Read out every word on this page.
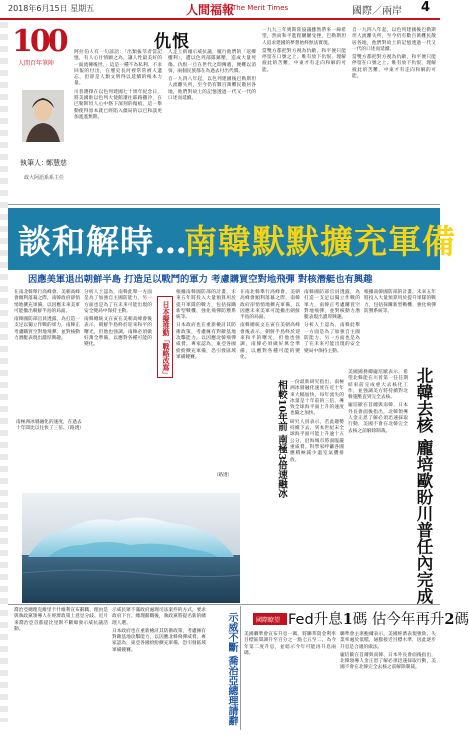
2018年6月15日 星期五	人間福報
The Merit Times	國際／兩岸 4
100
人間百年筆陣
仇恨
執筆人：
鄭慧慈
政大阿語系系主任

阿拉伯人有一句諺語：「出類拔萃者當記憶，有人心甘情願之為，讓人性最美好的一面流傳後世。」這是一種不為私利、不求回報的付出，在歷史長河裡常常被人遺忘，但卻是人類文明得以延續的根本力量。

川普選擇在以色列建國七十周年紀念日，將美國駐以色列大使館遷往耶路撒冷，在巴勒斯坦人心中烙下深刻的傷痕。這一舉動使得原本就已經陷入僵局的以巴和談更加遙遙無期。

人走上街頭示威抗議，履行他們的「返鄉權利」，遭以色列部隊鎮壓，造成大量死傷。仇恨一旦在世代之間傳遞，便難以消弭，兩個民族都在為過去付出代價。

自一九四八年起，以色列建國後巴勒斯坦人流離失所，至今仍有數百萬難民散居各地，他們對故土的記憶透過一代又一代的口述而延續。

一九九三年奧斯陸協議雖然帶來一線希望，然而和平進程屢屢受挫，巴勒斯坦人追求建國的夢想始終無法實現。

當雙方都把對方視為仇敵，和平便只能停留在口號之上。唯有放下仇恨，理解彼此的苦難，中東才有走向和解的可能。

自一九四八年起，以色列建國後巴勒斯坦人流離失所，至今仍有數百萬難民散居各地，他們對故土的記憶透過一代又一代的口述而延續。

當雙方都把對方視為仇敵，和平便只能停留在口號之上。唯有放下仇恨，理解彼此的苦難，中東才有走向和解的可能。

談和解時…
南韓默默擴充軍備
因應美軍退出朝鮮半島 打造足以戰鬥的軍力 考慮購買空對地飛彈 對核潛艇也有興趣

在南北韓舉行高峰會、美朝高峰會順利落幕之際，南韓政府卻悄悄地擴充軍備，以因應未來美軍可能撤出朝鮮半島的局面。

南韓國防部官員透露，為打造一支足以獨立作戰的軍力，南韓正考慮購買空對地飛彈，並對核動力潛艇表現出濃厚興趣。

分析人士認為，南韓此舉一方面是為了加強自主國防能力，另一方面也是為了在未來可能出現的安全變局中保持主動。

南韓總統文在寅在美朝高峰會後表示，朝鮮半島終於迎來和平的曙光，但他也強調，南韓必須做好萬全準備，以應對各種可能的變化。	日本擬推動「戰略改寫」

根據南韓國防部的計畫，未來五年將投入大量預算用於提升軍隊的戰力，包括採購新型戰機、強化飛彈防禦系統等。

日本政府也在重新檢討其防衛政策，考慮擁有對敵基地攻擊能力，以因應北韓飛彈威脅。專家認為，東亞各國紛紛擴充軍備，恐引發區域軍備競賽。

在南北韓舉行高峰會、美朝高峰會順利落幕之際，南韓政府卻悄悄地擴充軍備，以因應未來美軍可能撤出朝鮮半島的局面。

南韓總統文在寅在美朝高峰會後表示，朝鮮半島終於迎來和平的曙光，但他也強調，南韓必須做好萬全準備，以應對各種可能的變化。

南韓國防部官員透露，為打造一支足以獨立作戰的軍力，南韓正考慮購買空對地飛彈，並對核動力潛艇表現出濃厚興趣。

分析人士認為，南韓此舉一方面是為了加強自主國防能力，另一方面也是為了在未來可能出現的安全變局中保持主動。

根據南韓國防部的計畫，未來五年將投入大量預算用於提升軍隊的戰力，包括採購新型戰機、強化飛彈防禦系統等。

南極洲冰層融化的速度，在過去十年間比以往快了三倍。（路透）	相較10年前 南極3倍速融冰 一份最新研究指出，南極洲冰層融化速度在近十年來大幅加快，每年流失的冰量是十年前的三倍，導致全球海平面上升的速度也隨之加快。

研究人員表示，若此趨勢持續下去，到本世紀末全球海平面可能上升逾十五公分，沿海城市將面臨嚴重威脅。科學家呼籲各國應積極減少溫室氣體排放。

美國國務卿龐培歐表示，希望北韓能在川普第一任任期結束前完成重大去核化工作，並強調美方將持續對北韓施壓直到完全去核。

龐培歐在首爾與南韓、日本外長會面後指出，北韓領導人金正恩了解必須迅速採取行動，美國不會在北韓完全去核之前解除制裁。	北韓去核 龐培歐盼川普任內完成
（路透）

喬治亞總理克維里卡什維利宣布辭職，理由是與執政黨領導人在經濟政策上意見分歧。近月來喬治亞首都提比里斯不斷爆發示威抗議活動。

示威民眾不滿政府處理司法案件的方式，要求政府下台。總理辭職後，執政黨將提名新的總理人選。

日本政府也在重新檢討其防衛政策，考慮擁有對敵基地攻擊能力，以因應北韓飛彈威脅。專家認為，東亞各國紛紛擴充軍備，恐引發區域軍備競賽。	示威不斷 喬治亞總理請辭	國際瞭望 Fed升息1碼 估今年再升2碼

美國聯準會宣布升息一碼，將聯邦資金利率目標區間調升至百分之一點七五至二，為今年第二度升息，並暗示今年可能再升息兩碼。

聯準會主席鮑爾表示，美國經濟表現強勁，失業率處於低檔，通膨接近目標水準，因此逐步升息是合適的做法。

龐培歐在首爾與南韓、日本外長會面後指出，北韓領導人金正恩了解必須迅速採取行動，美國不會在北韓完全去核之前解除制裁。
